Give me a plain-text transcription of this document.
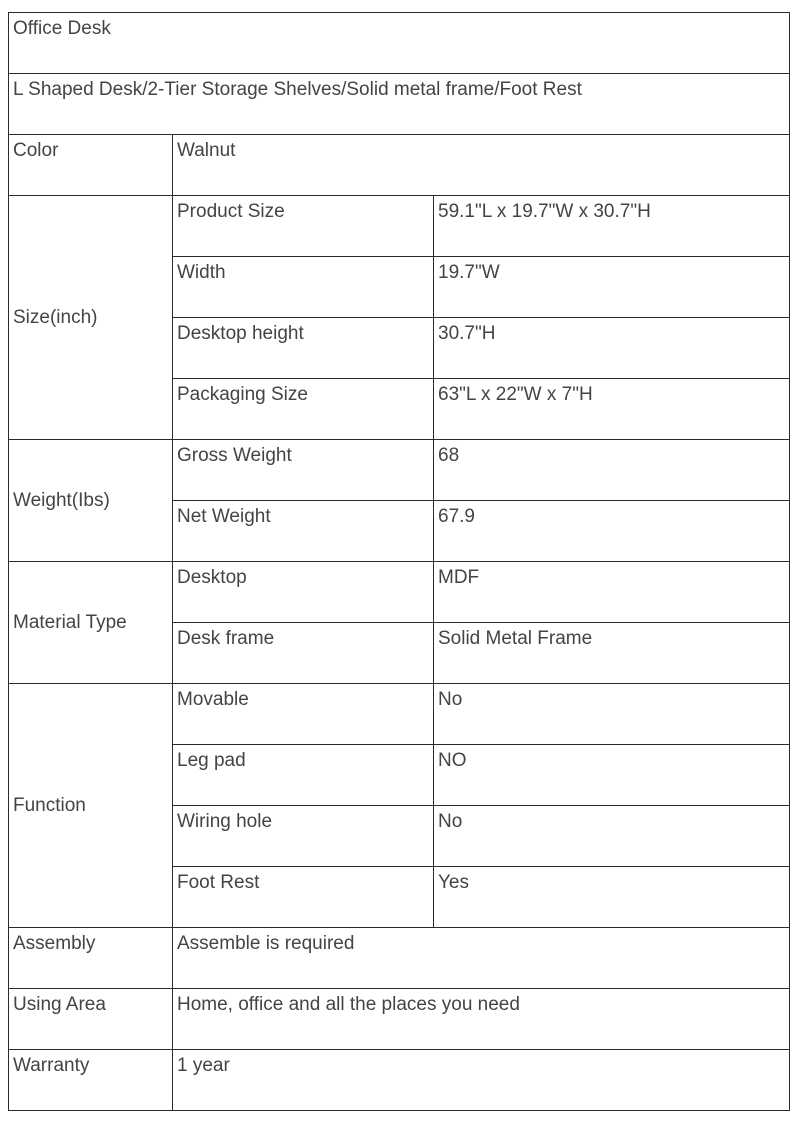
Office Desk		
L Shaped Desk/2-Tier Storage Shelves/Solid metal frame/Foot Rest		
Color	Walnut	
Size(inch)	Product Size	59.1"L x 19.7"W x 30.7"H
	Width	19.7"W
	Desktop height	30.7"H
	Packaging Size	63"L x 22"W x 7"H
Weight(Ibs)	Gross Weight	68
	Net Weight	67.9
Material Type	Desktop	MDF
	Desk frame	Solid Metal Frame
Function	Movable	No
	Leg pad	NO
	Wiring hole	No
	Foot Rest	Yes
Assembly	Assemble is required	
Using Area	Home, office and all the places you need	
Warranty	1 year	
